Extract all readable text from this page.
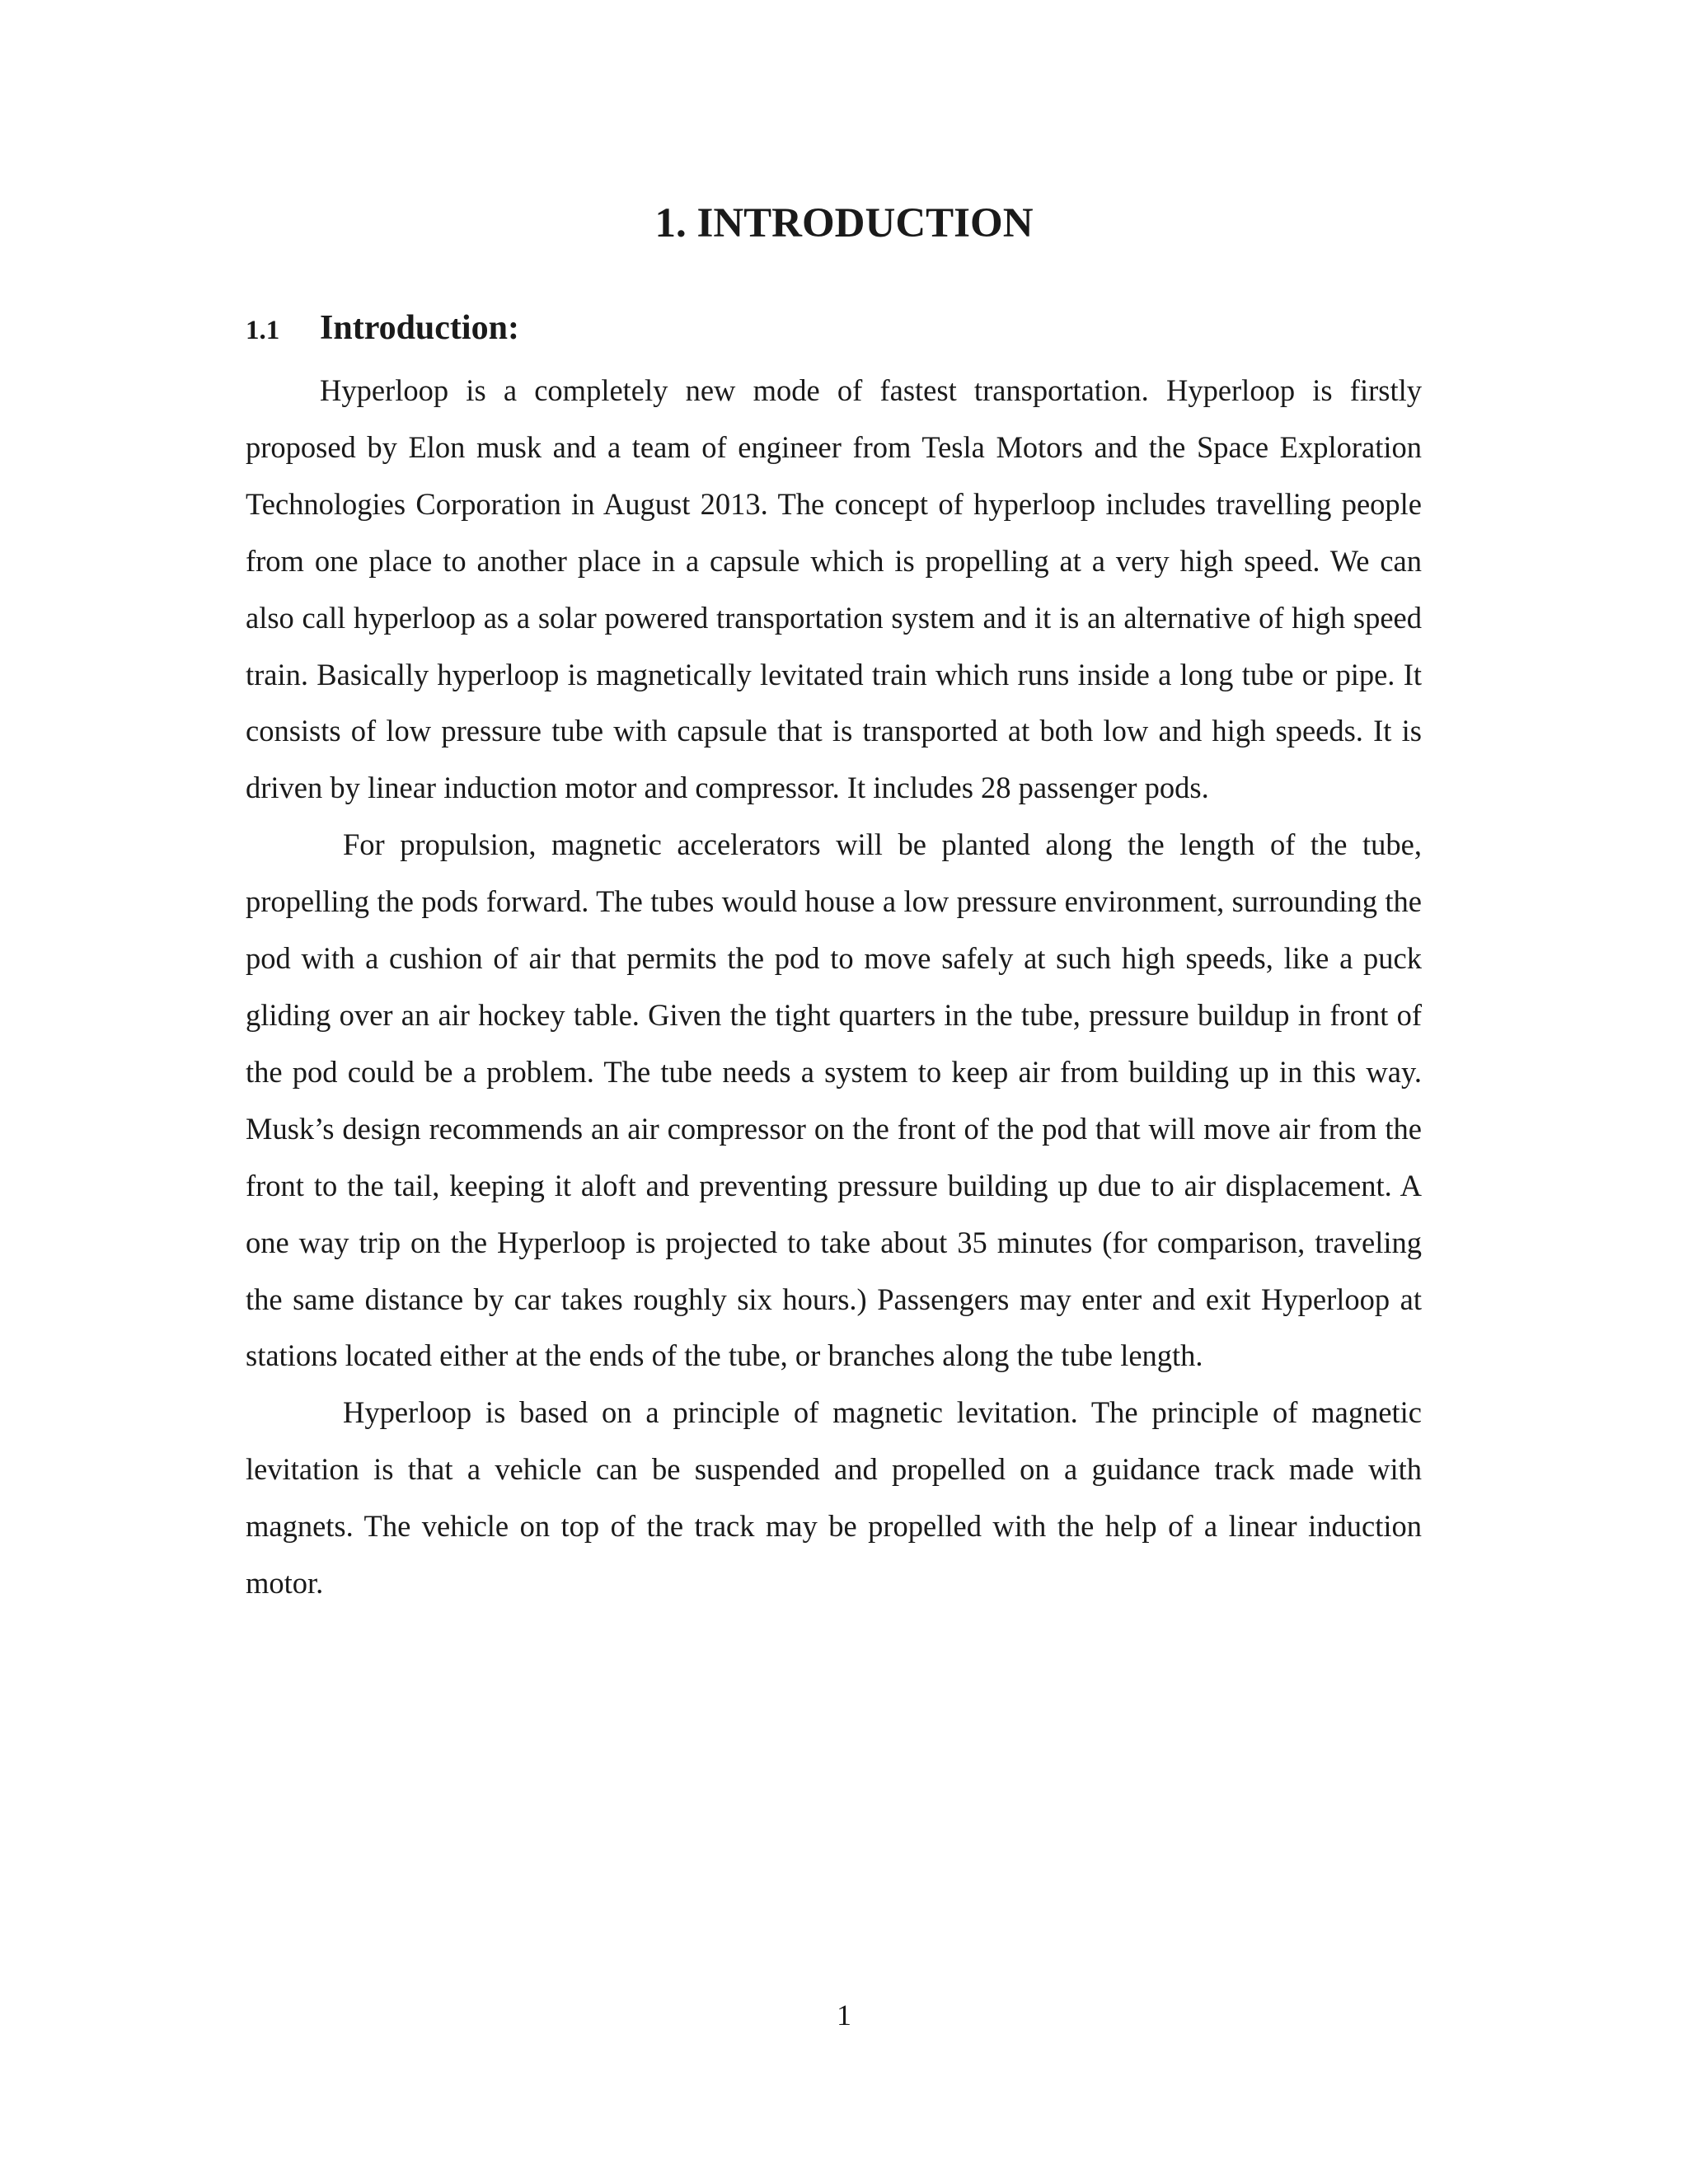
1. INTRODUCTION
1.1 Introduction:

Hyperloop is a completely new mode of fastest transportation. Hyperloop is firstly proposed by Elon musk and a team of engineer from Tesla Motors and the Space Exploration Technologies Corporation in August 2013. The concept of hyperloop includes travelling people from one place to another place in a capsule which is propelling at a very high speed. We can also call hyperloop as a solar powered transportation system and it is an alternative of high speed train. Basically hyperloop is magnetically levitated train which runs inside a long tube or pipe. It consists of low pressure tube with capsule that is transported at both low and high speeds. It is driven by linear induction motor and compressor. It includes 28 passenger pods.

For propulsion, magnetic accelerators will be planted along the length of the tube, propelling the pods forward. The tubes would house a low pressure environment, surrounding the pod with a cushion of air that permits the pod to move safely at such high speeds, like a puck gliding over an air hockey table. Given the tight quarters in the tube, pressure buildup in front of the pod could be a problem. The tube needs a system to keep air from building up in this way. Musk’s design recommends an air compressor on the front of the pod that will move air from the front to the tail, keeping it aloft and preventing pressure building up due to air displacement. A one way trip on the Hyperloop is projected to take about 35 minutes (for comparison, traveling the same distance by car takes roughly six hours.) Passengers may enter and exit Hyperloop at stations located either at the ends of the tube, or branches along the tube length.

Hyperloop is based on a principle of magnetic levitation. The principle of magnetic levitation is that a vehicle can be suspended and propelled on a guidance track made with magnets. The vehicle on top of the track may be propelled with the help of a linear induction motor.

1
